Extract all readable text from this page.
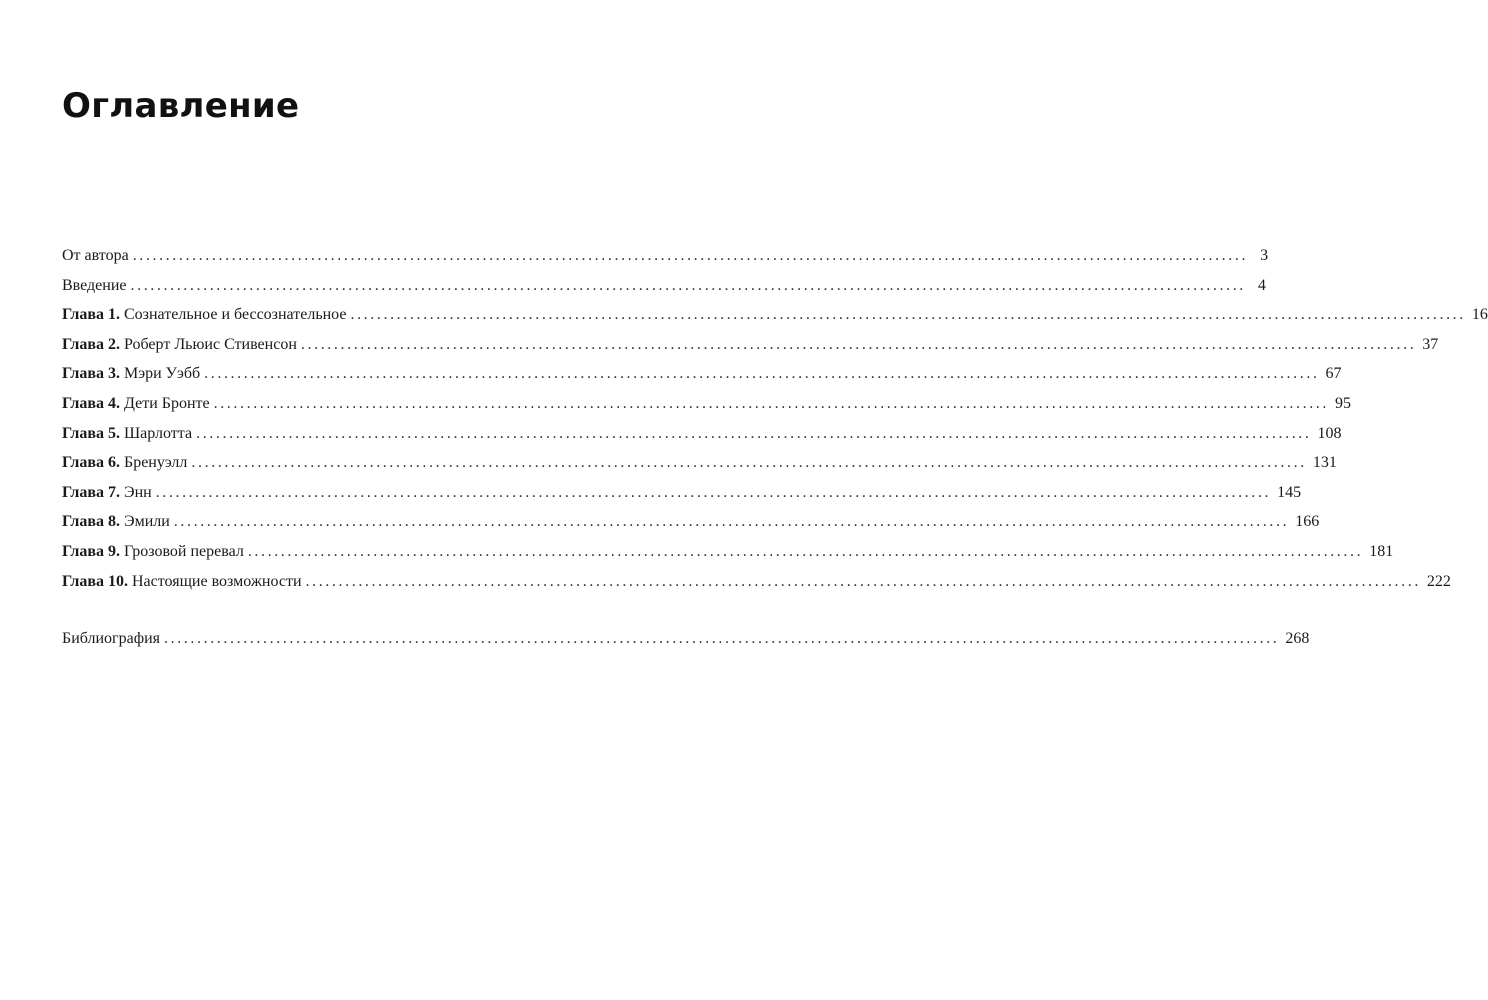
Оглавление
От автора ......................................................................................................................................................................... 3
Введение ......................................................................................................................................................................... 4
Глава 1. Сознательное и бессознательное ......................................................................................................................................................................... 16
Глава 2. Роберт Льюис Стивенсон ......................................................................................................................................................................... 37
Глава 3. Мэри Уэбб ......................................................................................................................................................................... 67
Глава 4. Дети Бронте ......................................................................................................................................................................... 95
Глава 5. Шарлотта ......................................................................................................................................................................... 108
Глава 6. Бренуэлл ......................................................................................................................................................................... 131
Глава 7. Энн ......................................................................................................................................................................... 145
Глава 8. Эмили ......................................................................................................................................................................... 166
Глава 9. Грозовой перевал ......................................................................................................................................................................... 181
Глава 10. Настоящие возможности ......................................................................................................................................................................... 222
Библиография ......................................................................................................................................................................... 268
